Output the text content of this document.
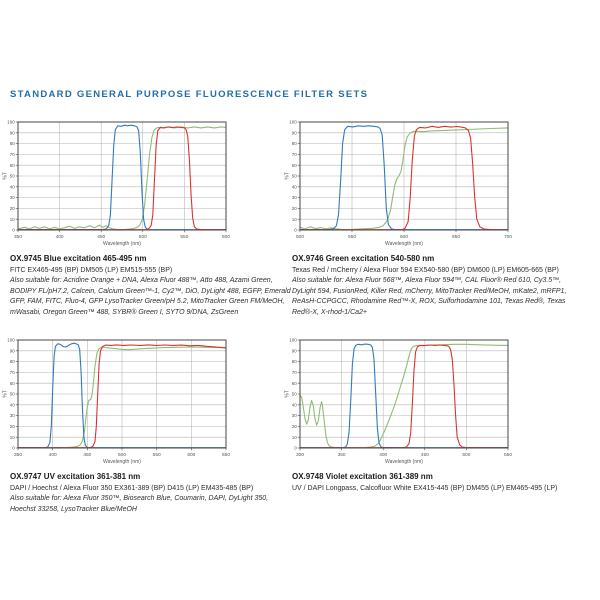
STANDARD GENERAL PURPOSE FLUORESCENCE FILTER SETS
350	400	450	500	550	600
0
10
20
30
40
50
60
70
80
90
100
Wavelength (nm)
%T
OX.9745 Blue excitation 465-495 nm
FITC EX465-495 (BP) DM505 (LP) EM515-555 (BP)
Also suitable for: Acridine Orange + DNA, Alexa Fluor 488™, Atto 488, Azami Green, BODIPY FL/pH7.2, Calcein, Calcium Green™-1, Cy2™, DiO, DyLight 488, EGFP, Emerald GFP, FAM, FITC, Fluo-4, GFP LysoTracker Green/pH 5.2, MitoTracker Green FM/MeOH, mWasabi, Oregon Green™ 488, SYBR® Green I, SYTO 9/DNA, ZsGreen
500	550	600	650	700
0
10
20
30
40
50
60
70
80
90
100
Wavelength (nm)
%T
OX.9746 Green excitation 540-580 nm
Texas Red / mCherry / Alexa Fluor 594 EX540-580 (BP) DM600 (LP) EM605-665 (BP)
Also suitable for: Alexa Fluor 568™, Alexa Fluor 594™, CAL Fluor® Red 610, Cy3.5™, DyLight 594, FusionRed, Killer Red, mCherry, MitoTracker Red/MeOH, mKate2, mRFP1, ReAsH-CCPGCC, Rhodamine Red™-X, ROX, Sulforhodamine 101, Texas Red®, Texas Red®-X, X-rhod-1/Ca2+
350	400	450	500	550	600	650
0
10
20
30
40
50
60
70
80
90
100
Wavelength (nm)
%T
OX.9747 UV excitation 361-381 nm
DAPI / Hoechst / Alexa Fluor 350 EX361-389 (BP) D415 (LP) EM435-485 (BP)
Also suitable for: Alexa Fluor 350™, Biosearch Blue, Coumarin, DAPI, DyLight 350, Hoechst 33258, LysoTracker Blue/MeOH
300	350	400	450	500	550
0
10
20
30
40
50
60
70
80
90
100
Wavelength (nm)
%T
OX.9748 Violet excitation 361-389 nm
UV / DAPI Longpass, Calcofluor White EX415-445 (BP) DM455 (LP) EM465-495 (LP)
